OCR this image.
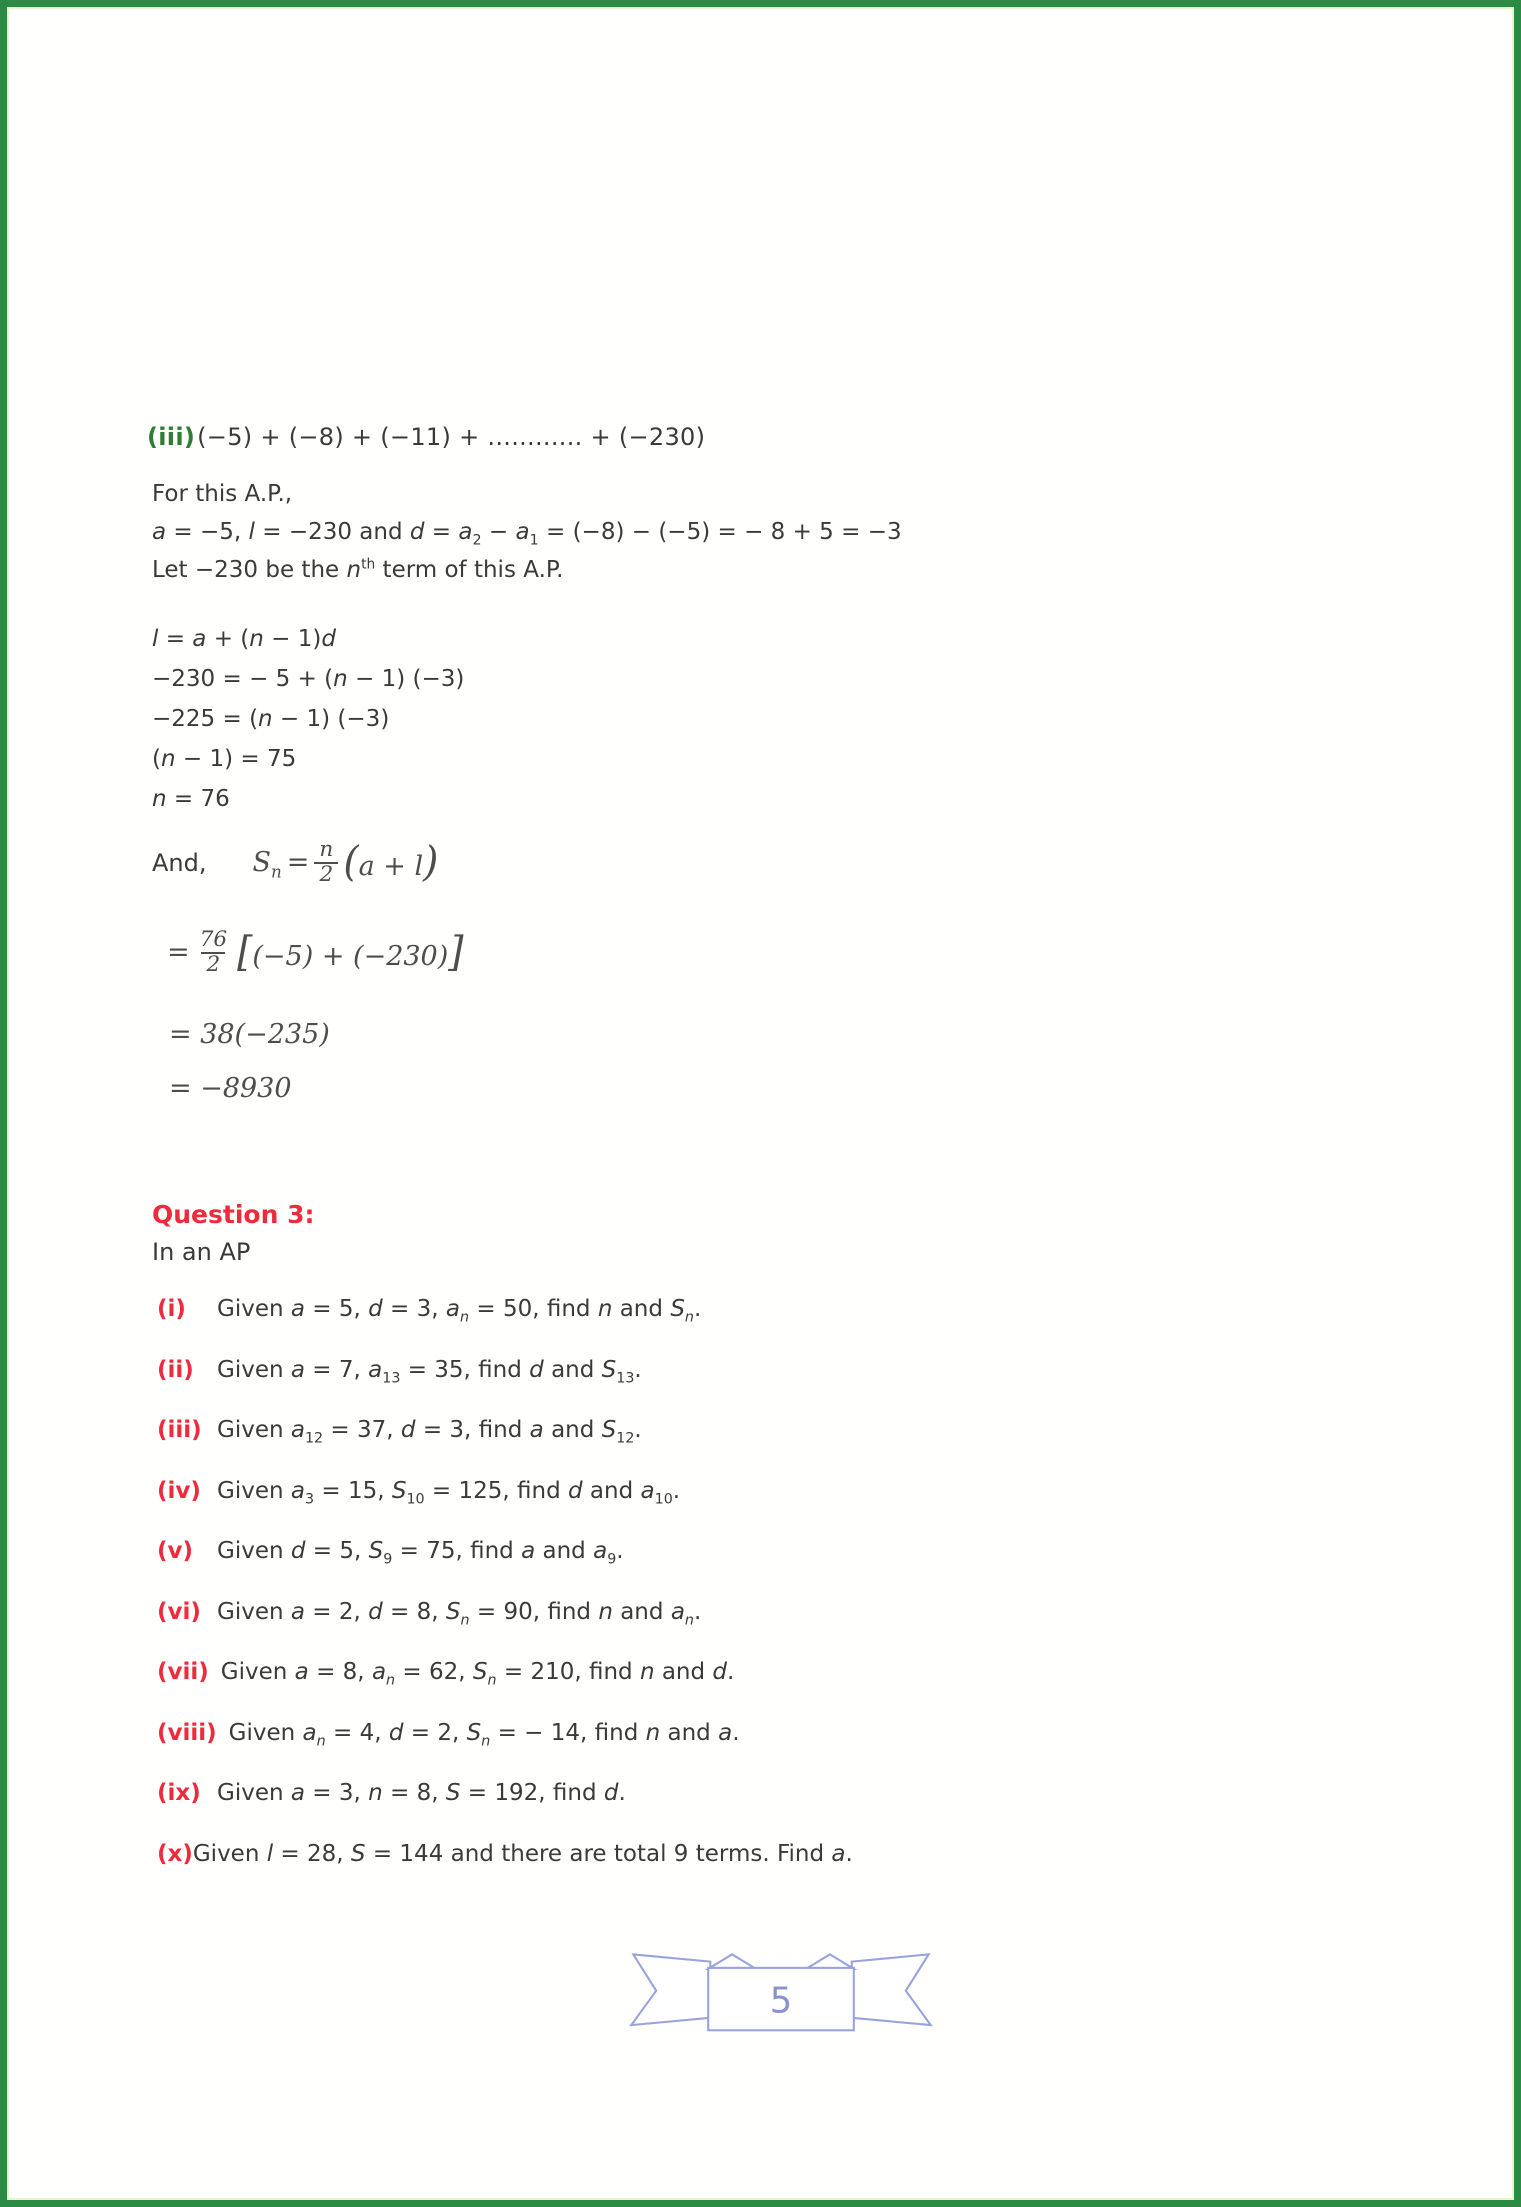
(iii)(−5) + (−8) + (−11) + ............ + (−230)
For this A.P.,
a = −5, l = −230 and $d = a_2 - a_1 = (-8) - (-5)$ = − 8 + 5 = −3
Let −230 be the $n^{th}$ term of this A.P.
l = a + (n − 1)d
−230 = − 5 + (n − 1) (−3)
−225 = (n − 1) (−3)
(n − 1) = 75
n = 76
And, $S_n = \frac{n}{2} (a + l)$
= $\frac{76}{2} [(-5) + (-230)]$
= 38(−235)
= −8930
Question 3:
In an AP
(i)	Given a = 5, d = 3, $a_n = 50$, find n and $S_n$.
(ii)	Given a = 7, $a_{13} = 35$, find d and $S_{13}$.
(iii) Given $a_{12} = 37$, d = 3, find a and $S_{12}$.
(iv) Given $a_3 = 15$, $S_{10} = 125$, find d and $a_{10}$.
(v)	Given d = 5, $S_9 = 75$, find a and $a_9$.
(vi) Given a = 2, d = 8, $S_n = 90$, find n and $a_n$.
(vii) Given a = 8, $a_n = 62$, $S_n = 210$, find n and d.
(viii) Given $a_n = 4$, d = 2, $S_n$ = − 14, find n and a.
(ix) Given a = 3, n = 8, S = 192, find d.
(x) Given l = 28, S = 144 and there are total 9 terms. Find a.
5
